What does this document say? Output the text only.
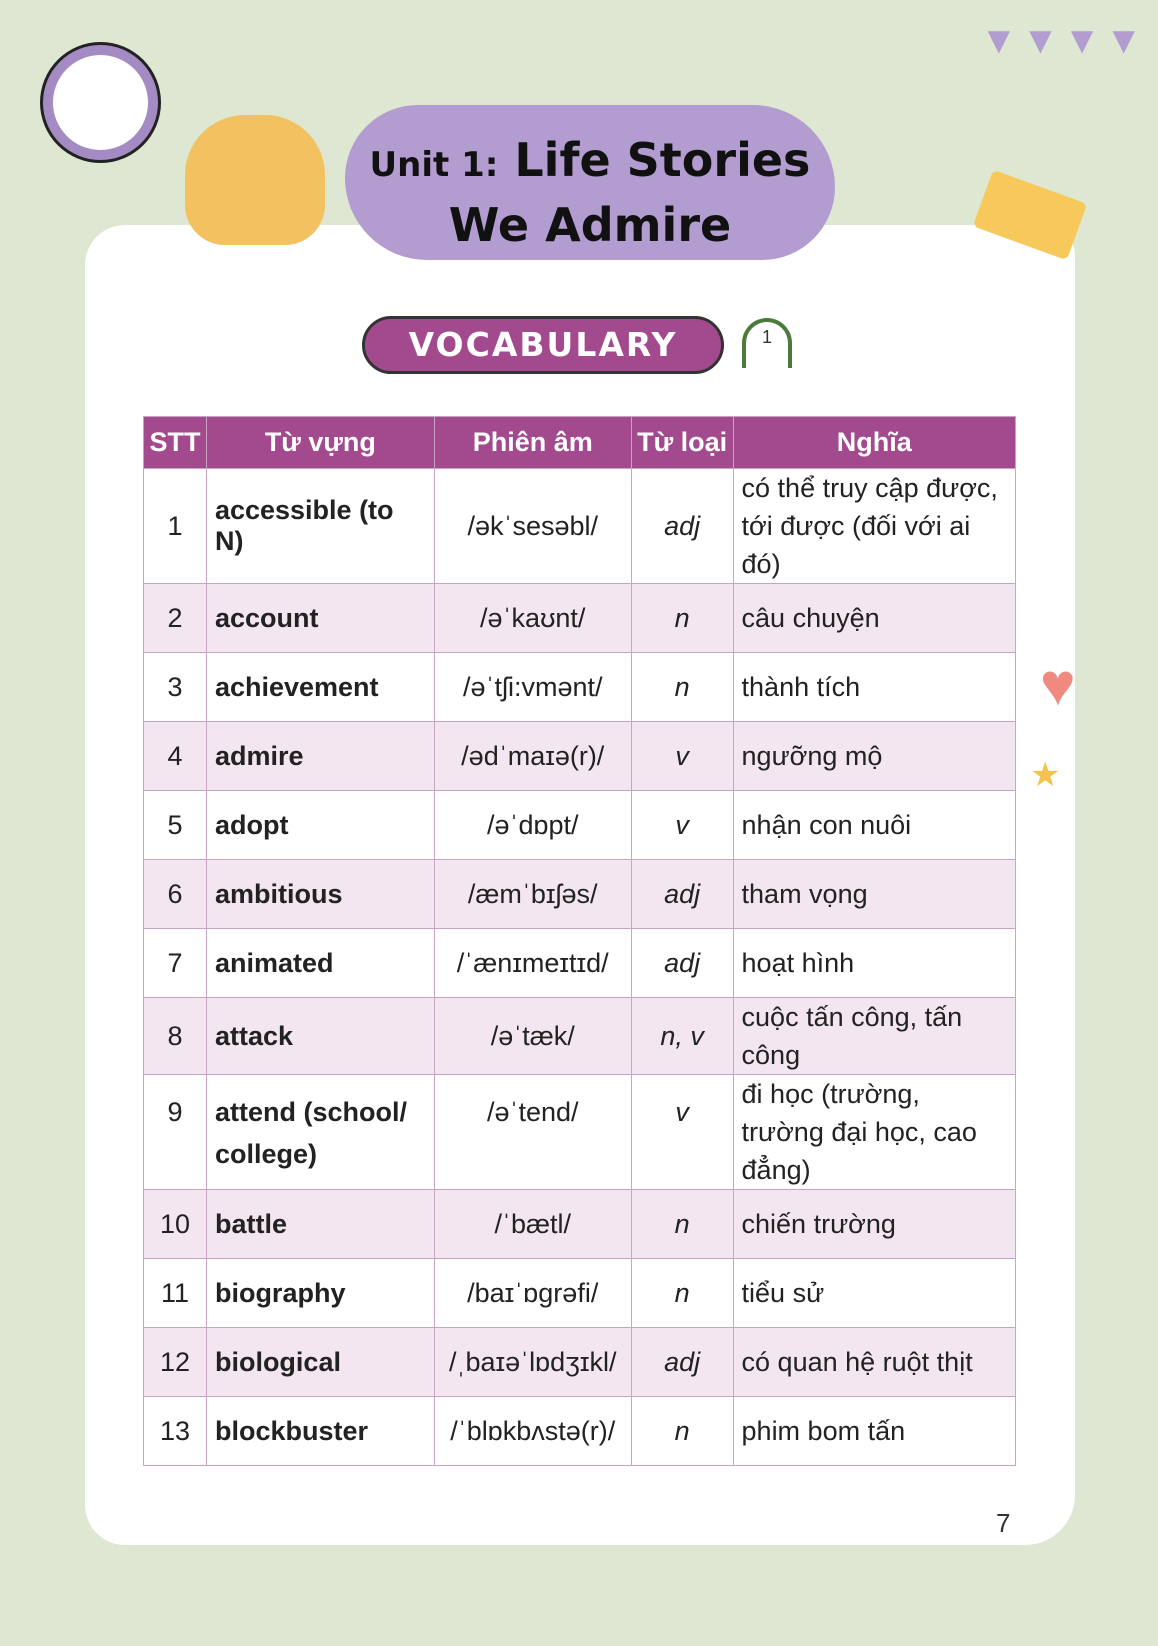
▼▼▼▼
Unit 1: Life Stories
We Admire
VOCABULARY	1
STT	Từ vựng	Phiên âm	Từ loại	Nghĩa
1	accessible (to N)	/əkˈsesəbl/	adj	có thể truy cập được, tới được (đối với ai đó)
2	account	/əˈkaʊnt/	n	câu chuyện
3	achievement	/əˈtʃi:vmənt/	n	thành tích
4	admire	/ədˈmaɪə(r)/	v	ngưỡng mộ
5	adopt	/əˈdɒpt/	v	nhận con nuôi
6	ambitious	/æmˈbɪʃəs/	adj	tham vọng
7	animated	/ˈænɪmeɪtɪd/	adj	hoạt hình
8	attack	/əˈtæk/	n, v	cuộc tấn công, tấn công
9	attend (school/ college)	/əˈtend/	v	đi học (trường, trường đại học, cao đẳng)
10	battle	/ˈbætl/	n	chiến trường
11	biography	/baɪˈɒgrəfi/	n	tiểu sử
12	biological	/ˌbaɪəˈlɒdʒɪkl/	adj	có quan hệ ruột thịt
13	blockbuster	/ˈblɒkbʌstə(r)/	n	phim bom tấn
♥
★
7
